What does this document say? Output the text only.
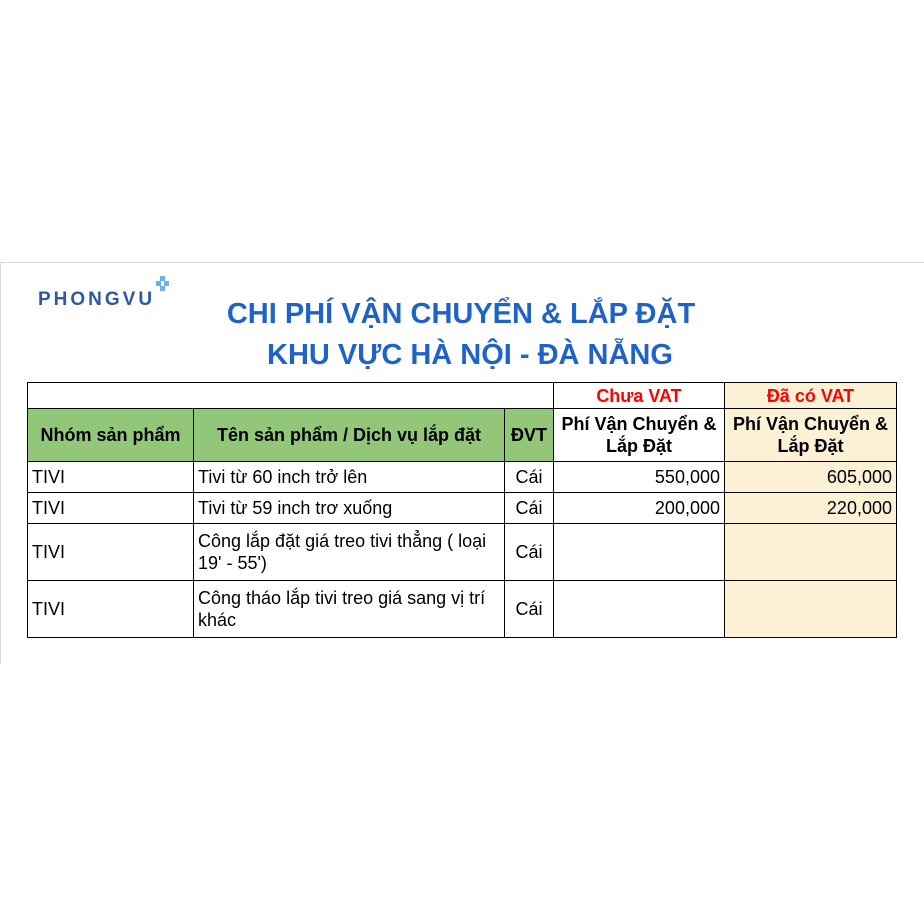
PHONGVU	CHI PHÍ VẬN CHUYỂN & LẮP ĐẶT
KHU VỰC HÀ NỘI - ĐÀ NẴNG
			Chưa VAT	Đã có VAT
Nhóm sản phẩm	Tên sản phẩm / Dịch vụ lắp đặt	ĐVT	Phí Vận Chuyển & Lắp Đặt	Phí Vận Chuyển & Lắp Đặt
TIVI	Tivi từ 60 inch trở lên	Cái	550,000	605,000
TIVI	Tivi từ 59 inch trơ xuống	Cái	200,000	220,000
TIVI	Công lắp đặt giá treo tivi thẳng ( loại 19' - 55')	Cái		
TIVI	Công tháo lắp tivi treo giá sang vị trí khác	Cái		
